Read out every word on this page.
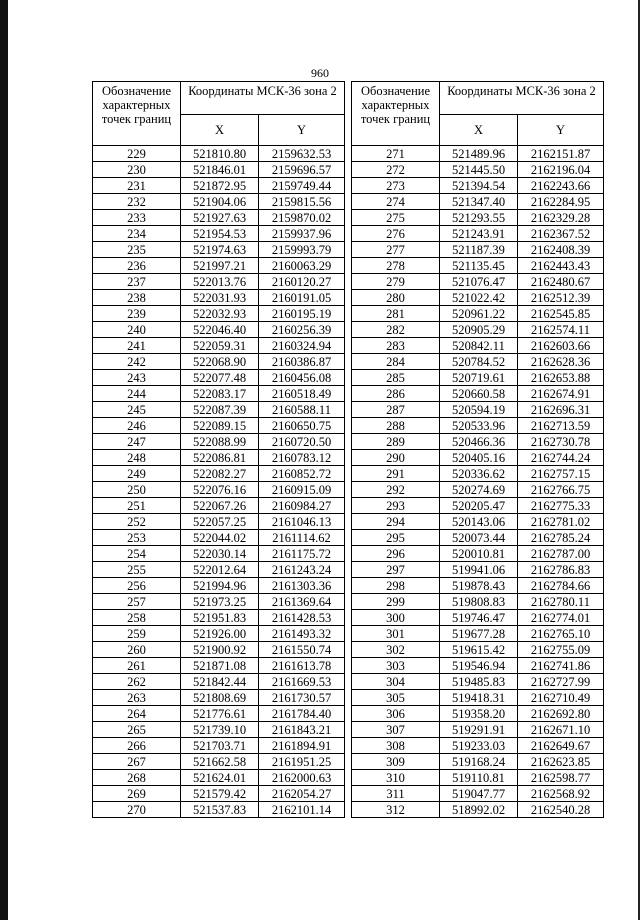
960
Обозначение характерных точек границ	Координаты МСК-36 зона 2	
	X	Y
229	521810.80	2159632.53
230	521846.01	2159696.57
231	521872.95	2159749.44
232	521904.06	2159815.56
233	521927.63	2159870.02
234	521954.53	2159937.96
235	521974.63	2159993.79
236	521997.21	2160063.29
237	522013.76	2160120.27
238	522031.93	2160191.05
239	522032.93	2160195.19
240	522046.40	2160256.39
241	522059.31	2160324.94
242	522068.90	2160386.87
243	522077.48	2160456.08
244	522083.17	2160518.49
245	522087.39	2160588.11
246	522089.15	2160650.75
247	522088.99	2160720.50
248	522086.81	2160783.12
249	522082.27	2160852.72
250	522076.16	2160915.09
251	522067.26	2160984.27
252	522057.25	2161046.13
253	522044.02	2161114.62
254	522030.14	2161175.72
255	522012.64	2161243.24
256	521994.96	2161303.36
257	521973.25	2161369.64
258	521951.83	2161428.53
259	521926.00	2161493.32
260	521900.92	2161550.74
261	521871.08	2161613.78
262	521842.44	2161669.53
263	521808.69	2161730.57
264	521776.61	2161784.40
265	521739.10	2161843.21
266	521703.71	2161894.91
267	521662.58	2161951.25
268	521624.01	2162000.63
269	521579.42	2162054.27
270	521537.83	2162101.14
Обозначение характерных точек границ	Координаты МСК-36 зона 2	
	X	Y
271	521489.96	2162151.87
272	521445.50	2162196.04
273	521394.54	2162243.66
274	521347.40	2162284.95
275	521293.55	2162329.28
276	521243.91	2162367.52
277	521187.39	2162408.39
278	521135.45	2162443.43
279	521076.47	2162480.67
280	521022.42	2162512.39
281	520961.22	2162545.85
282	520905.29	2162574.11
283	520842.11	2162603.66
284	520784.52	2162628.36
285	520719.61	2162653.88
286	520660.58	2162674.91
287	520594.19	2162696.31
288	520533.96	2162713.59
289	520466.36	2162730.78
290	520405.16	2162744.24
291	520336.62	2162757.15
292	520274.69	2162766.75
293	520205.47	2162775.33
294	520143.06	2162781.02
295	520073.44	2162785.24
296	520010.81	2162787.00
297	519941.06	2162786.83
298	519878.43	2162784.66
299	519808.83	2162780.11
300	519746.47	2162774.01
301	519677.28	2162765.10
302	519615.42	2162755.09
303	519546.94	2162741.86
304	519485.83	2162727.99
305	519418.31	2162710.49
306	519358.20	2162692.80
307	519291.91	2162671.10
308	519233.03	2162649.67
309	519168.24	2162623.85
310	519110.81	2162598.77
311	519047.77	2162568.92
312	518992.02	2162540.28
